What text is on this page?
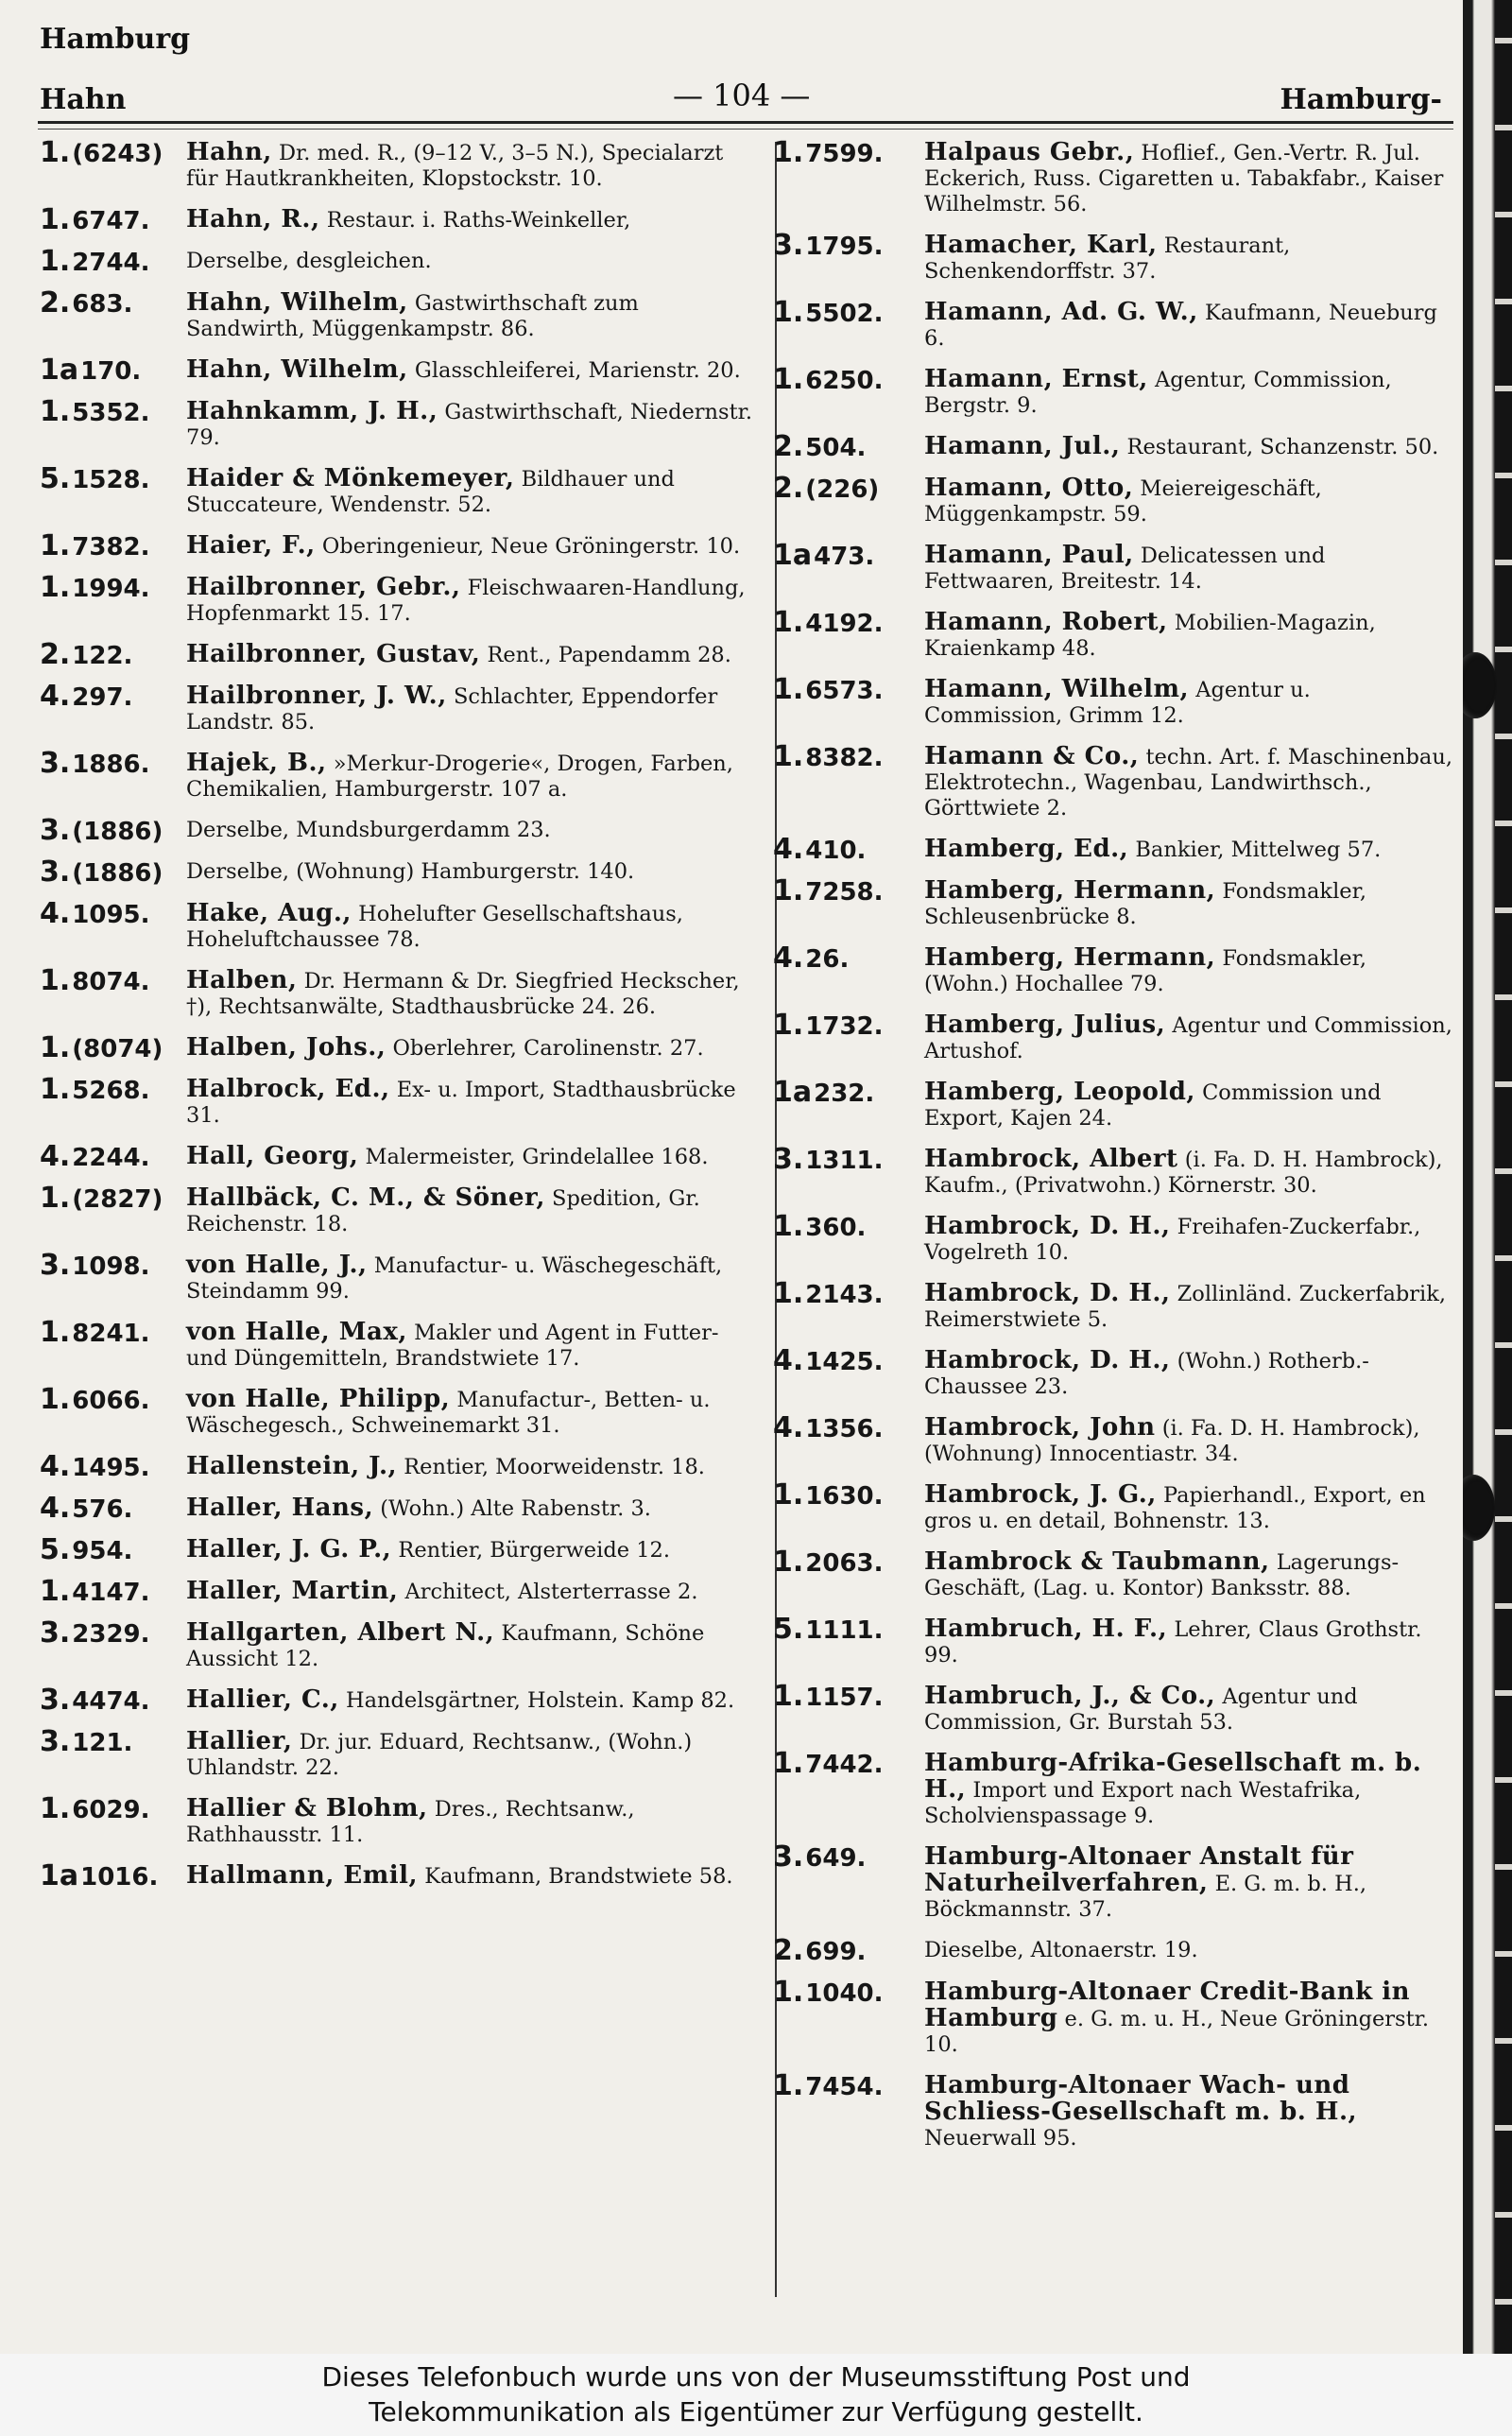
Hamburg
Hahn	— 104 —	Hamburg-
1.(6243) Hahn, Dr. med. R., (9–12 V., 3–5 N.), Specialarzt für Hautkrankheiten, Klopstockstr. 10.
1.6747. Hahn, R., Restaur. i. Raths-Weinkeller,
1.2744. Derselbe, desgleichen.
2.683. Hahn, Wilhelm, Gastwirthschaft zum Sandwirth, Müggenkampstr. 86.
1a170. Hahn, Wilhelm, Glasschleiferei, Marienstr. 20.
1.5352. Hahnkamm, J. H., Gastwirthschaft, Niedernstr. 79.
5.1528. Haider & Mönkemeyer, Bildhauer und Stuccateure, Wendenstr. 52.
1.7382. Haier, F., Oberingenieur, Neue Gröningerstr. 10.
1.1994. Hailbronner, Gebr., Fleischwaaren-Handlung, Hopfenmarkt 15. 17.
2.122. Hailbronner, Gustav, Rent., Papendamm 28.
4.297. Hailbronner, J. W., Schlachter, Eppendorfer Landstr. 85.
3.1886. Hajek, B., »Merkur-Drogerie«, Drogen, Farben, Chemikalien, Hamburgerstr. 107 a.
3.(1886) Derselbe, Mundsburgerdamm 23.
3.(1886) Derselbe, (Wohnung) Hamburgerstr. 140.
4.1095. Hake, Aug., Hohelufter Gesellschaftshaus, Hoheluftchaussee 78.
1.8074. Halben, Dr. Hermann & Dr. Siegfried Heckscher, †), Rechtsanwälte, Stadthausbrücke 24. 26.
1.(8074) Halben, Johs., Oberlehrer, Carolinenstr. 27.
1.5268. Halbrock, Ed., Ex- u. Import, Stadthausbrücke 31.
4.2244. Hall, Georg, Malermeister, Grindelallee 168.
1.(2827) Hallbäck, C. M., & Söner, Spedition, Gr. Reichenstr. 18.
3.1098. von Halle, J., Manufactur- u. Wäschegeschäft, Steindamm 99.
1.8241. von Halle, Max, Makler und Agent in Futter- und Düngemitteln, Brandstwiete 17.
1.6066. von Halle, Philipp, Manufactur-, Betten- u. Wäschegesch., Schweinemarkt 31.
4.1495. Hallenstein, J., Rentier, Moorweidenstr. 18.
4.576. Haller, Hans, (Wohn.) Alte Rabenstr. 3.
5.954. Haller, J. G. P., Rentier, Bürgerweide 12.
1.4147. Haller, Martin, Architect, Alsterterrasse 2.
3.2329. Hallgarten, Albert N., Kaufmann, Schöne Aussicht 12.
3.4474. Hallier, C., Handelsgärtner, Holstein. Kamp 82.
3.121. Hallier, Dr. jur. Eduard, Rechtsanw., (Wohn.) Uhlandstr. 22.
1.6029. Hallier & Blohm, Dres., Rechtsanw., Rathhausstr. 11.
1a1016. Hallmann, Emil, Kaufmann, Brandstwiete 58.
1.7599. Halpaus Gebr., Hoflief., Gen.-Vertr. R. Jul. Eckerich, Russ. Cigaretten u. Tabakfabr., Kaiser Wilhelmstr. 56.
3.1795. Hamacher, Karl, Restaurant, Schenkendorffstr. 37.
1.5502. Hamann, Ad. G. W., Kaufmann, Neueburg 6.
1.6250. Hamann, Ernst, Agentur, Commission, Bergstr. 9.
2.504. Hamann, Jul., Restaurant, Schanzenstr. 50.
2.(226) Hamann, Otto, Meiereigeschäft, Müggenkampstr. 59.
1a473. Hamann, Paul, Delicatessen und Fettwaaren, Breitestr. 14.
1.4192. Hamann, Robert, Mobilien-Magazin, Kraienkamp 48.
1.6573. Hamann, Wilhelm, Agentur u. Commission, Grimm 12.
1.8382. Hamann & Co., techn. Art. f. Maschinenbau, Elektrotechn., Wagenbau, Landwirthsch., Görttwiete 2.
4.410. Hamberg, Ed., Bankier, Mittelweg 57.
1.7258. Hamberg, Hermann, Fondsmakler, Schleusenbrücke 8.
4.26.	Hamberg, Hermann, Fondsmakler, (Wohn.) Hochallee 79.
1.1732. Hamberg, Julius, Agentur und Commission, Artushof.
1a232. Hamberg, Leopold, Commission und Export, Kajen 24.
3.1311. Hambrock, Albert (i. Fa. D. H. Hambrock), Kaufm., (Privatwohn.) Körnerstr. 30.
1.360. Hambrock, D. H., Freihafen-Zuckerfabr., Vogelreth 10.
1.2143. Hambrock, D. H., Zollinländ. Zuckerfabrik, Reimerstwiete 5.
4.1425. Hambrock, D. H., (Wohn.) Rotherb.-Chaussee 23.
4.1356. Hambrock, John (i. Fa. D. H. Hambrock), (Wohnung) Innocentiastr. 34.
1.1630. Hambrock, J. G., Papierhandl., Export, en gros u. en detail, Bohnenstr. 13.
1.2063. Hambrock & Taubmann, Lagerungs-Geschäft, (Lag. u. Kontor) Banksstr. 88.
5.1111. Hambruch, H. F., Lehrer, Claus Grothstr. 99.
1.1157. Hambruch, J., & Co., Agentur und Commission, Gr. Burstah 53.
1.7442. Hamburg-Afrika-Gesellschaft m. b. H., Import und Export nach Westafrika, Scholvienspassage 9.
3.649. Hamburg-Altonaer Anstalt für Naturheilverfahren, E. G. m. b. H., Böckmannstr. 37.
2.699.	Dieselbe, Altonaerstr. 19.
1.1040. Hamburg-Altonaer Credit-Bank in Hamburg e. G. m. u. H., Neue Gröningerstr. 10.
1.7454. Hamburg-Altonaer Wach- und Schliess-Gesellschaft m. b. H., Neuerwall 95.
Dieses Telefonbuch wurde uns von der Museumsstiftung Post und
Telekommunikation als Eigentümer zur Verfügung gestellt.
